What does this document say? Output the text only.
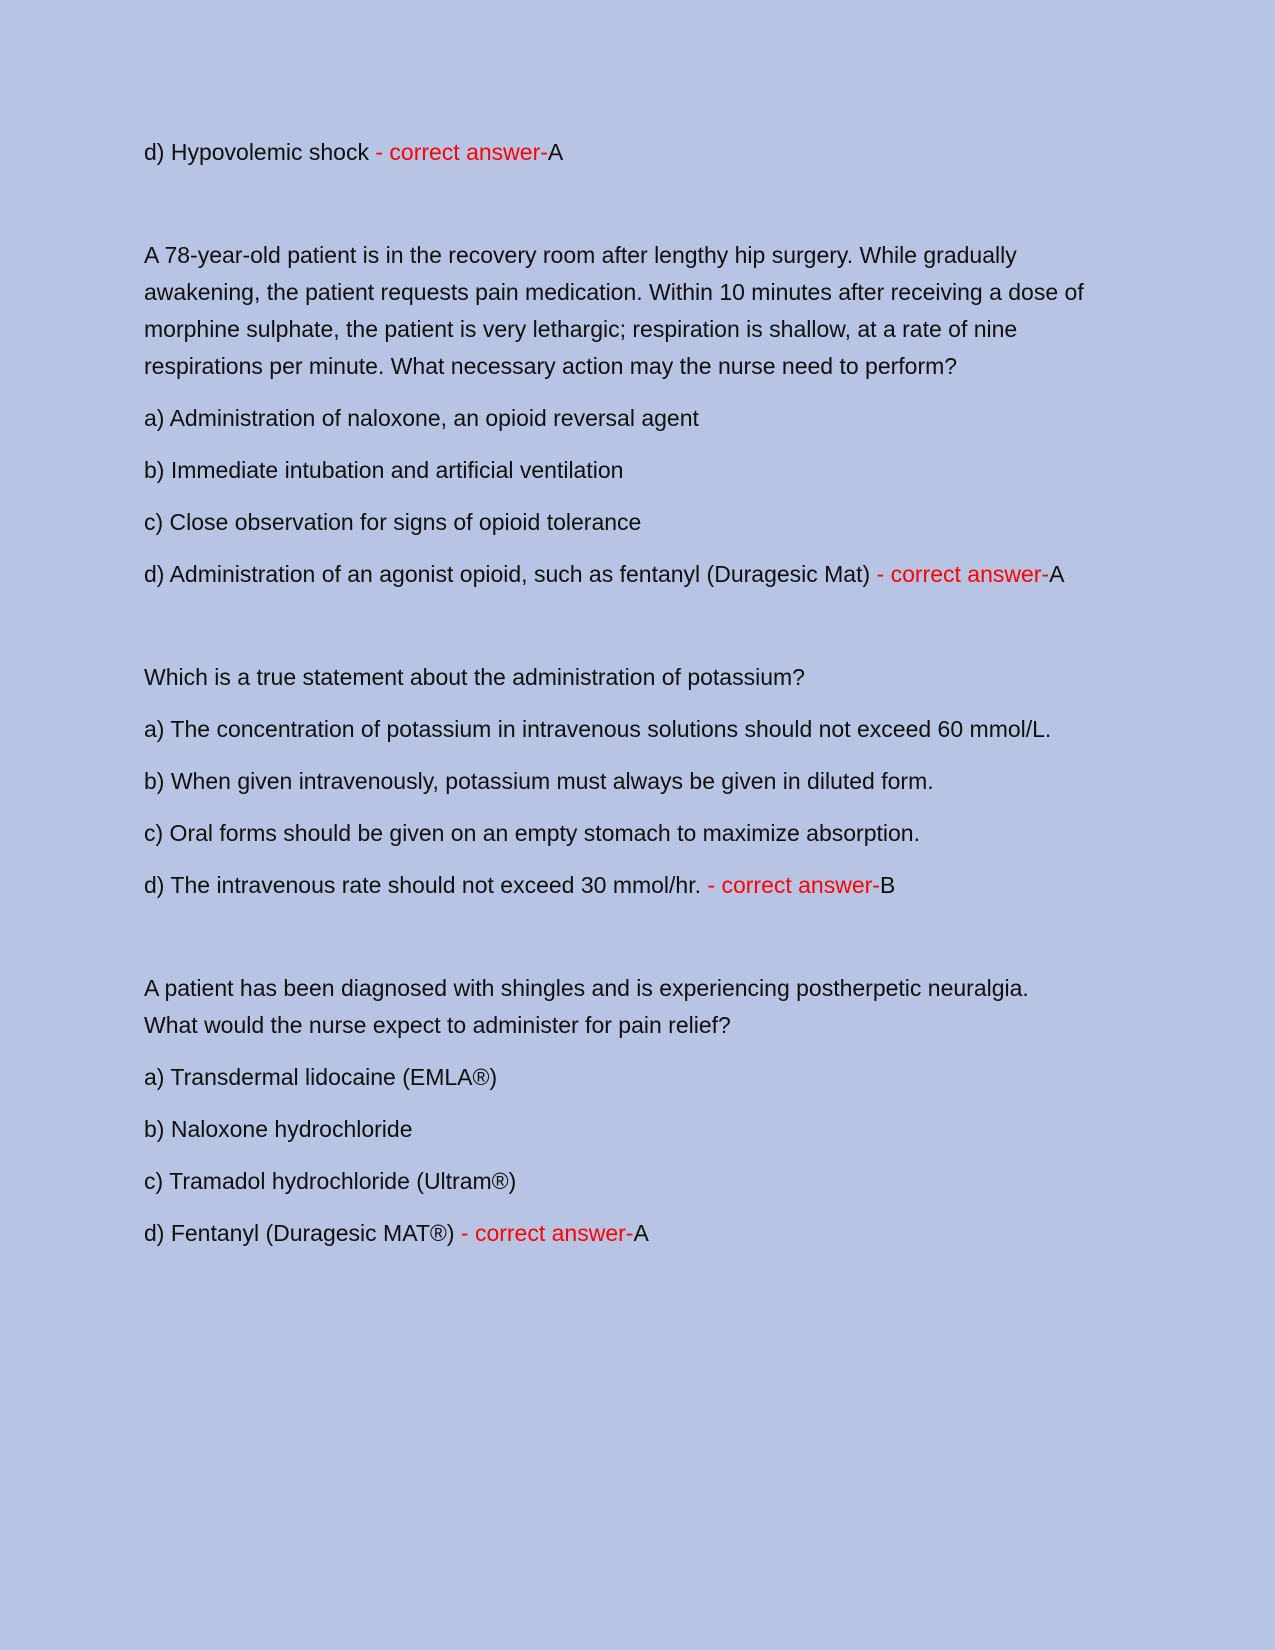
d) Hypovolemic shock - correct answer-A

A 78-year-old patient is in the recovery room after lengthy hip surgery. While gradually awakening, the patient requests pain medication. Within 10 minutes after receiving a dose of morphine sulphate, the patient is very lethargic; respiration is shallow, at a rate of nine respirations per minute. What necessary action may the nurse need to perform?

a) Administration of naloxone, an opioid reversal agent

b) Immediate intubation and artificial ventilation

c) Close observation for signs of opioid tolerance

d) Administration of an agonist opioid, such as fentanyl (Duragesic Mat) - correct answer-A

Which is a true statement about the administration of potassium?

a) The concentration of potassium in intravenous solutions should not exceed 60 mmol/L.

b) When given intravenously, potassium must always be given in diluted form.

c) Oral forms should be given on an empty stomach to maximize absorption.

d) The intravenous rate should not exceed 30 mmol/hr. - correct answer-B

A patient has been diagnosed with shingles and is experiencing postherpetic neuralgia. What would the nurse expect to administer for pain relief?

a) Transdermal lidocaine (EMLA®)

b) Naloxone hydrochloride

c) Tramadol hydrochloride (Ultram®)

d) Fentanyl (Duragesic MAT®) - correct answer-A
